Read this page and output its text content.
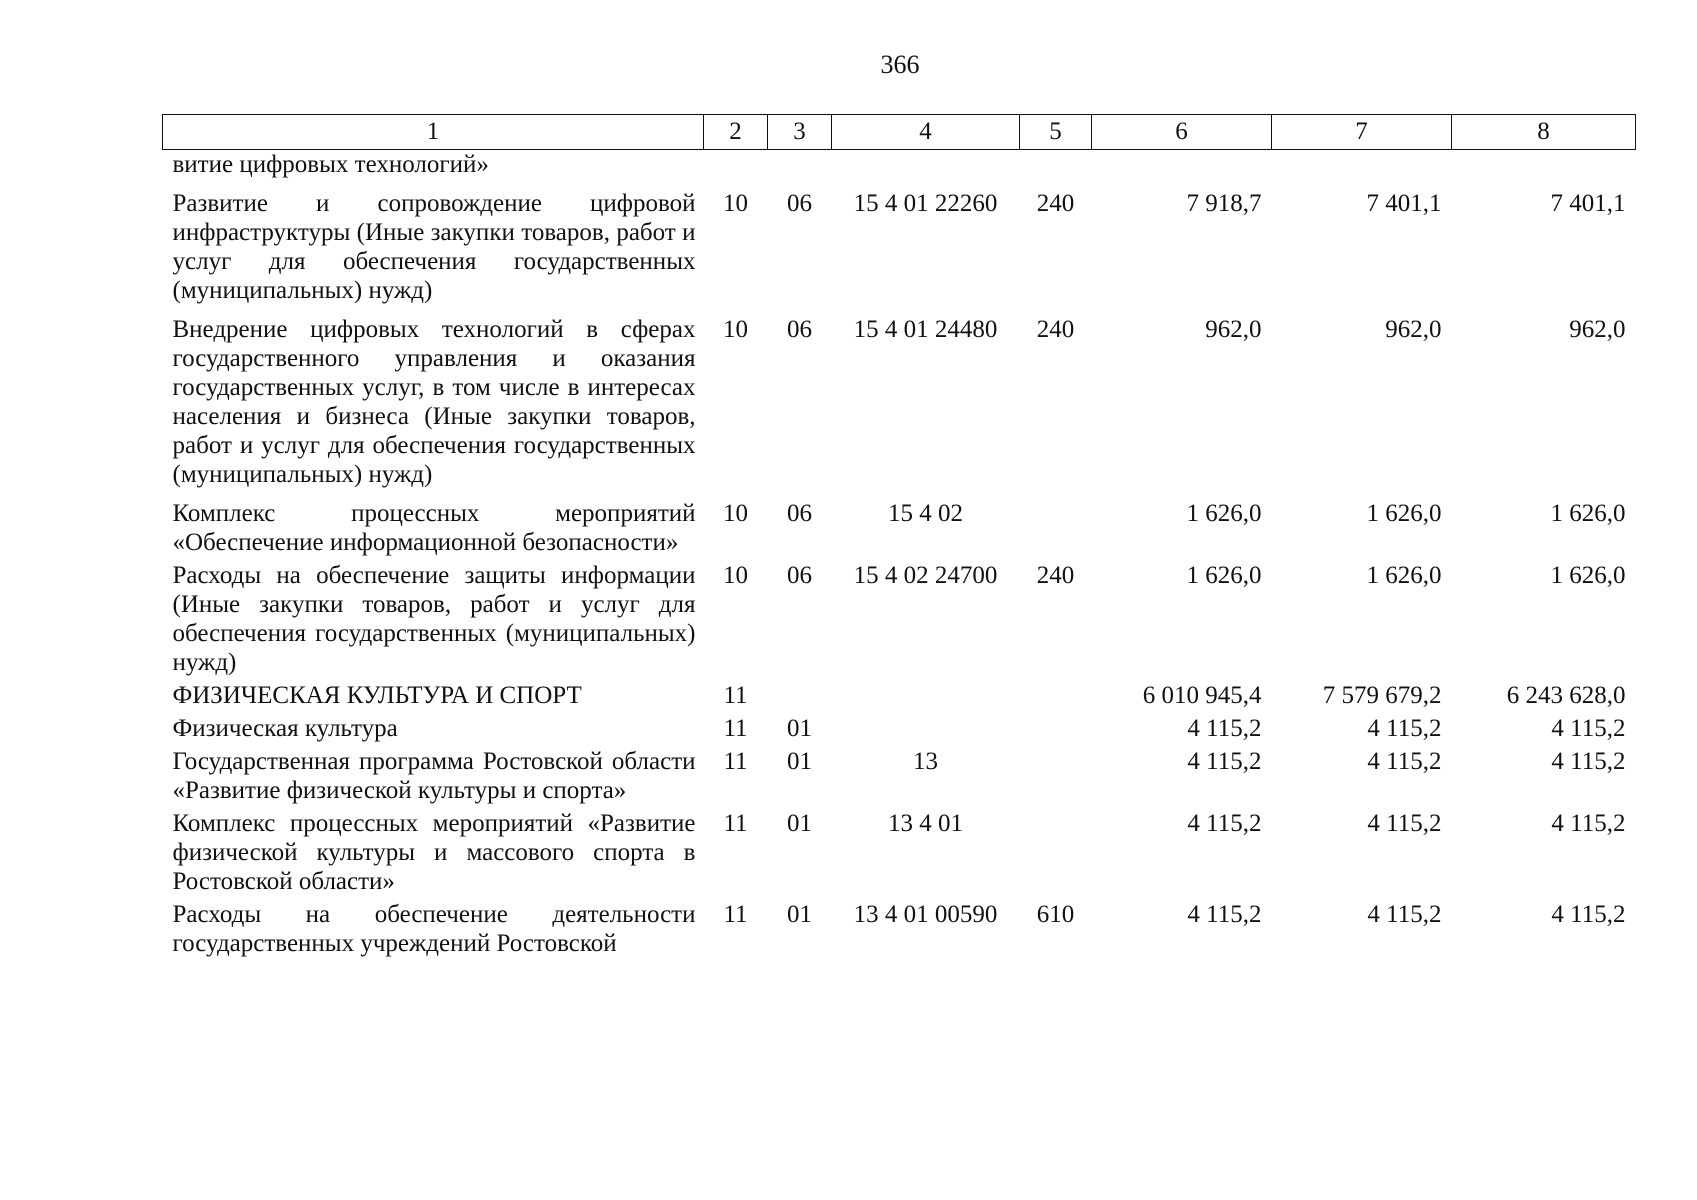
366
1	2	3	4	5	6	7	8
витие цифровых технологий»							
Развитие и сопровождение цифровой инфраструктуры (Иные закупки товаров, работ и услуг для обеспечения государственных (муниципальных) нужд)	10	06	15 4 01 22260	240	7 918,7	7 401,1	7 401,1
Внедрение цифровых технологий в сферах государственного управления и оказания государственных услуг, в том числе в интересах населения и бизнеса (Иные закупки товаров, работ и услуг для обеспечения государственных (муниципальных) нужд)	10	06	15 4 01 24480	240	962,0	962,0	962,0
Комплекс процессных мероприятий «Обеспечение информационной безопасности»	10	06	15 4 02		1 626,0	1 626,0	1 626,0
Расходы на обеспечение защиты информации (Иные закупки товаров, работ и услуг для обеспечения государственных (муниципальных) нужд)	10	06	15 4 02 24700	240	1 626,0	1 626,0	1 626,0
ФИЗИЧЕСКАЯ КУЛЬТУРА И СПОРТ	11				6 010 945,4	7 579 679,2	6 243 628,0
Физическая культура	11	01			4 115,2	4 115,2	4 115,2
Государственная программа Ростовской области «Развитие физической культуры и спорта»	11	01	13		4 115,2	4 115,2	4 115,2
Комплекс процессных мероприятий «Развитие физической культуры и массового спорта в Ростовской области»	11	01	13 4 01		4 115,2	4 115,2	4 115,2
Расходы на обеспечение деятельности государственных учреждений Ростовской	11	01	13 4 01 00590	610	4 115,2	4 115,2	4 115,2
